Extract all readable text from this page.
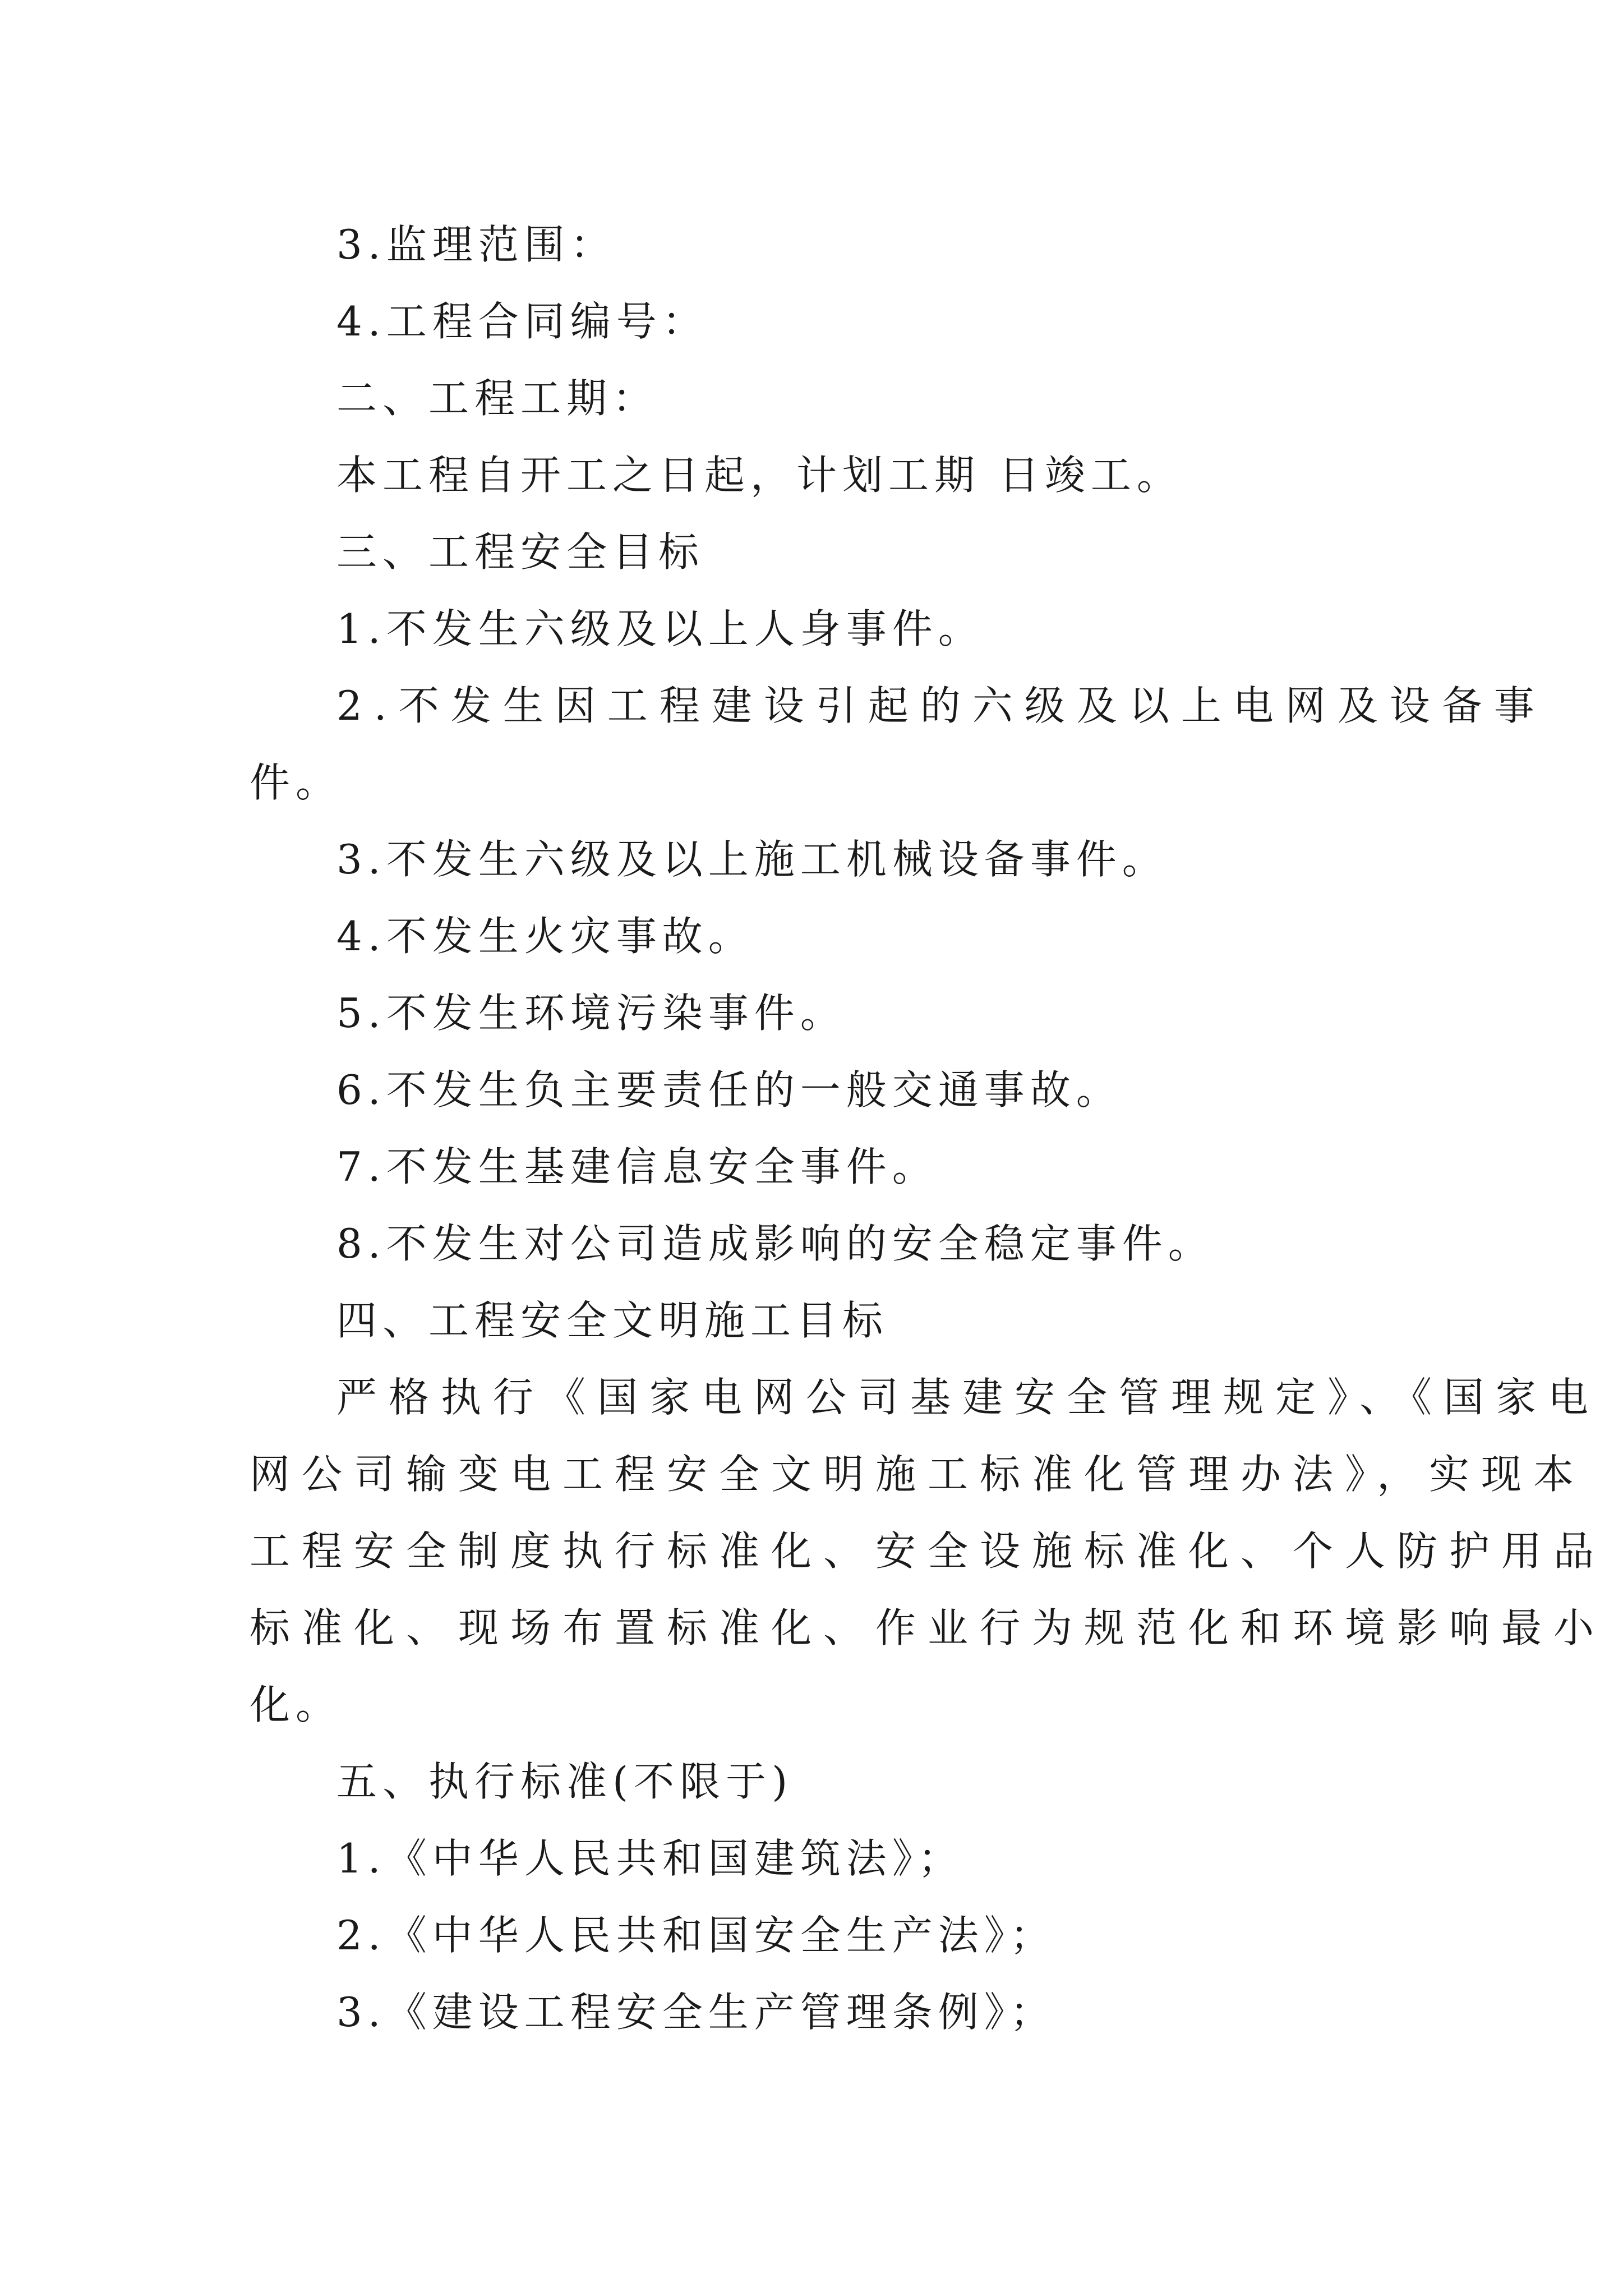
3.监理范围：
4.工程合同编号：
二、工程工期：
本工程自开工之日起，计划工期 日竣工。
三、工程安全目标
1.不发生六级及以上人身事件。
2.不发生因工程建设引起的六级及以上电网及设备事
件。
3.不发生六级及以上施工机械设备事件。
4.不发生火灾事故。
5.不发生环境污染事件。
6.不发生负主要责任的一般交通事故。
7.不发生基建信息安全事件。
8.不发生对公司造成影响的安全稳定事件。
四、工程安全文明施工目标
严格执行《国家电网公司基建安全管理规定》、《国家电
网公司输变电工程安全文明施工标准化管理办法》，实现本
工程安全制度执行标准化、安全设施标准化、个人防护用品
标准化、现场布置标准化、作业行为规范化和环境影响最小
化。
五、执行标准(不限于)
1.《中华人民共和国建筑法》；
2.《中华人民共和国安全生产法》；
3.《建设工程安全生产管理条例》；
